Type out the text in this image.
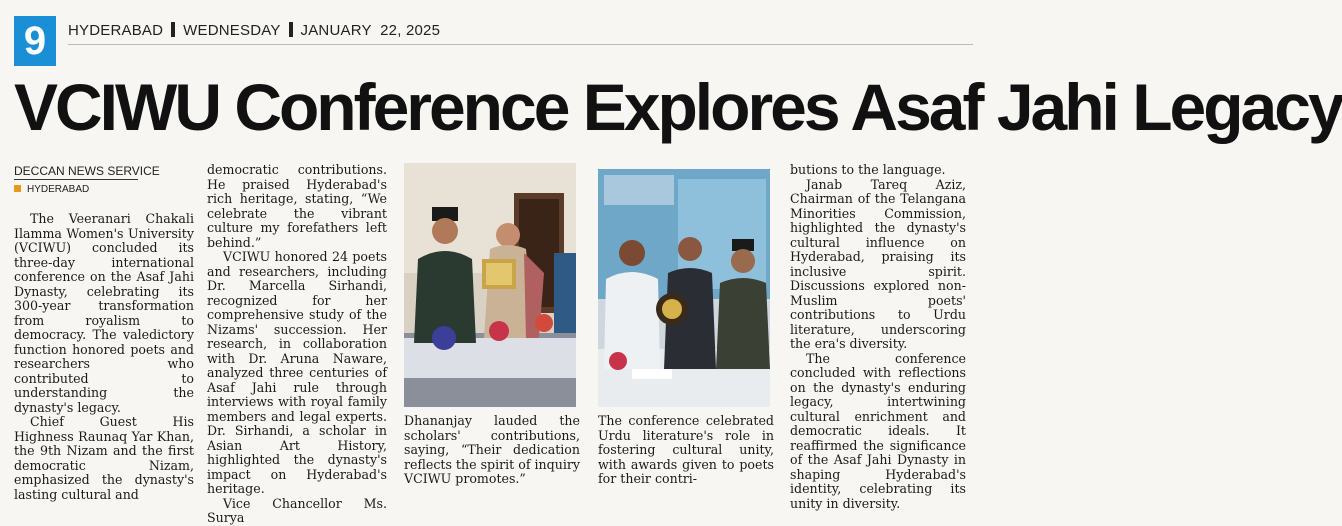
9	HYDERABAD WEDNESDAY JANUARY  22, 2025
VCIWU Conference Explores Asaf Jahi Legacy
DECCAN NEWS SERVICE
HYDERABAD

The Veeranari Chakali Ilamma Women's University (VCIWU) concluded its three-day international conference on the Asaf Jahi Dynasty, celebrating its 300-year transformation from royalism to democracy. The valedictory function honored poets and researchers who contributed to understanding the dynasty's legacy.

Chief Guest His Highness Raunaq Yar Khan, the 9th Nizam and the first democratic Nizam, emphasized the dynasty's lasting cultural and

democratic contributions. He praised Hyderabad's rich heritage, stating, “We celebrate the vibrant culture my forefathers left behind.”

VCIWU honored 24 poets and researchers, including Dr. Marcella Sirhandi, recognized for her comprehensive study of the Nizams' succession. Her research, in collaboration with Dr. Aruna Naware, analyzed three centuries of Asaf Jahi rule through interviews with royal family members and legal experts. Dr. Sirhandi, a scholar in Asian Art History, highlighted the dynasty's impact on Hyderabad's heritage.

Vice Chancellor Ms. Surya

Dhananjay lauded the scholars' contributions, saying, “Their dedication reflects the spirit of inquiry VCIWU promotes.”

The conference celebrated Urdu literature's role in fostering cultural unity, with awards given to poets for their contri-

butions to the language.

Janab Tareq Aziz, Chairman of the Telangana Minorities Commission, highlighted the dynasty's cultural influence on Hyderabad, praising its inclusive spirit. Discussions explored non-Muslim poets' contributions to Urdu literature, underscoring the era's diversity.

The conference concluded with reflections on the dynasty's enduring legacy, intertwining cultural enrichment and democratic ideals. It reaffirmed the significance of the Asaf Jahi Dynasty in shaping Hyderabad's identity, celebrating its unity in diversity.
